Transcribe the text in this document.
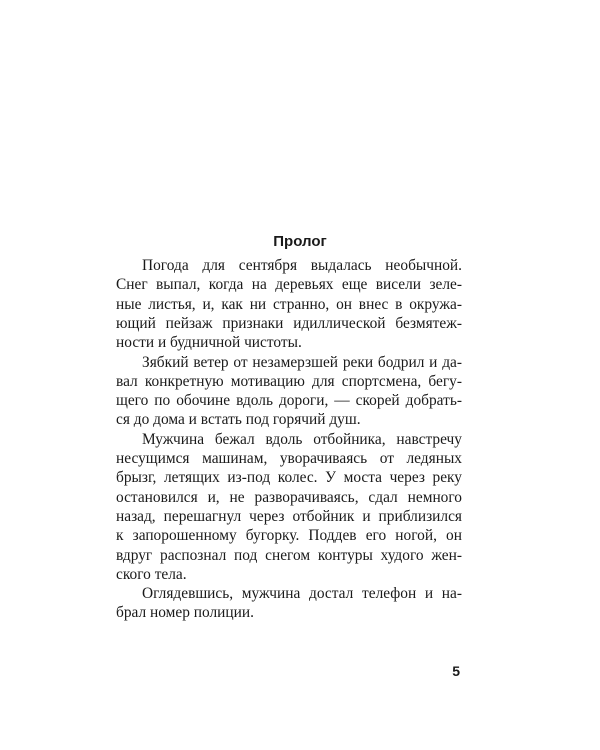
Пролог

Погода для сентября выдалась необычной.

Снег выпал, когда на деревьях еще висели зеле-

ные листья, и, как ни странно, он внес в окружа-

ющий пейзаж признаки идиллической безмятеж-

ности и будничной чистоты.

Зябкий ветер от незамерзшей реки бодрил и да-

вал конкретную мотивацию для спортсмена, бегу-

щего по обочине вдоль дороги, — скорей добрать-

ся до дома и встать под горячий душ.

Мужчина бежал вдоль отбойника, навстречу

несущимся машинам, уворачиваясь от ледяных

брызг, летящих из-под колес. У моста через реку

остановился и, не разворачиваясь, сдал немного

назад, перешагнул через отбойник и приблизился

к запорошенному бугорку. Поддев его ногой, он

вдруг распознал под снегом контуры худого жен-

ского тела.

Оглядевшись, мужчина достал телефон и на-

брал номер полиции.

5
